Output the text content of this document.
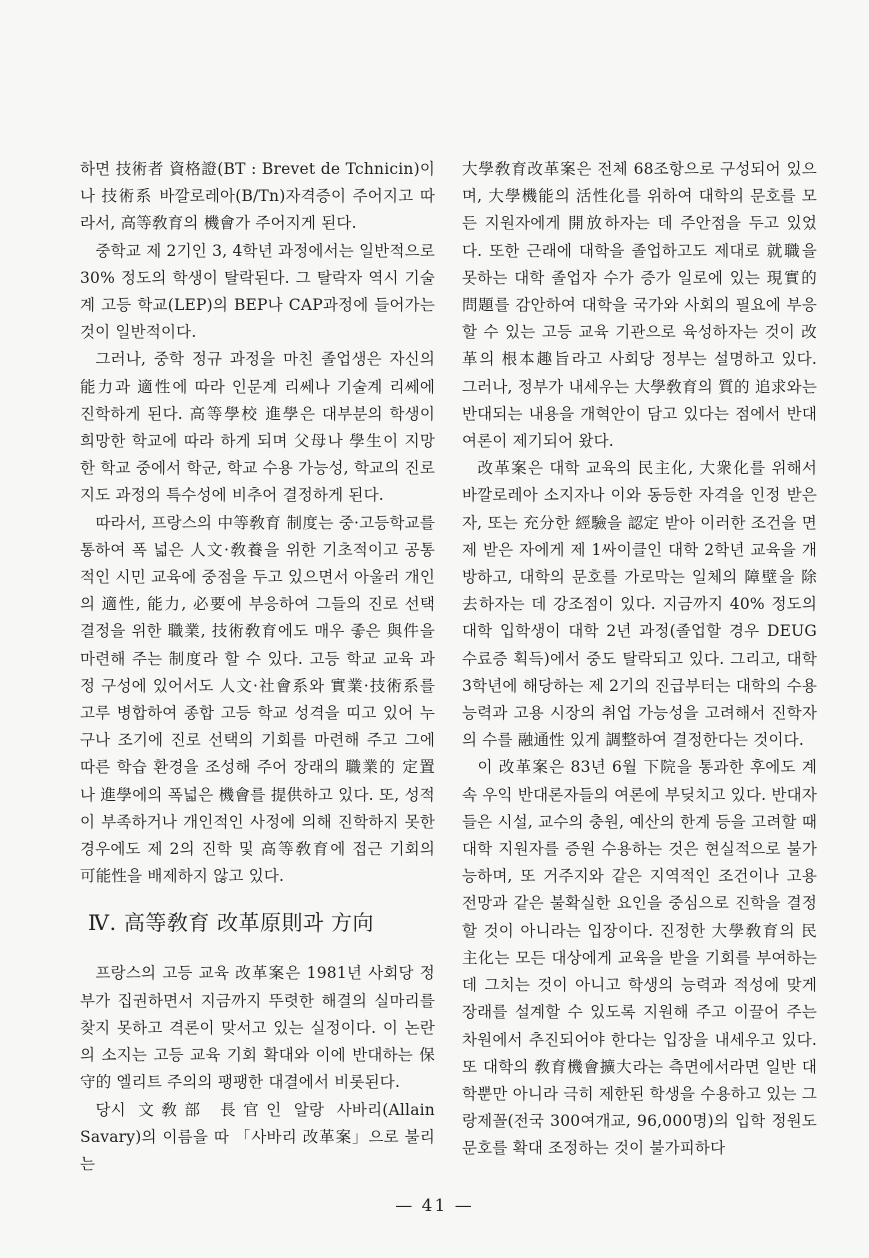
하면 技術者 資格證(BT : Brevet de Tchnicin)이나 技術系 바깔로레아(B/Tn)자격증이 주어지고 따라서, 高等敎育의 機會가 주어지게 된다.

중학교 제 2기인 3, 4학년 과정에서는 일반적으로 30% 정도의 학생이 탈락된다. 그 탈락자 역시 기술계 고등 학교(LEP)의 BEP나 CAP과정에 들어가는 것이 일반적이다.

그러나, 중학 정규 과정을 마친 졸업생은 자신의 能力과 適性에 따라 인문계 리쎄나 기술계 리쎄에 진학하게 된다. 高等學校 進學은 대부분의 학생이 희망한 학교에 따라 하게 되며 父母나 學生이 지망한 학교 중에서 학군, 학교 수용 가능성, 학교의 진로 지도 과정의 특수성에 비추어 결정하게 된다.

따라서, 프랑스의 中等敎育 制度는 중·고등학교를 통하여 폭 넓은 人文·敎養을 위한 기초적이고 공통적인 시민 교육에 중점을 두고 있으면서 아울러 개인의 適性, 能力, 必要에 부응하여 그들의 진로 선택 결정을 위한 職業, 技術敎育에도 매우 좋은 與件을 마련해 주는 制度라 할 수 있다. 고등 학교 교육 과정 구성에 있어서도 人文·社會系와 實業·技術系를 고루 병합하여 종합 고등 학교 성격을 띠고 있어 누구나 조기에 진로 선택의 기회를 마련해 주고 그에 따른 학습 환경을 조성해 주어 장래의 職業的 定置나 進學에의 폭넓은 機會를 提供하고 있다. 또, 성적이 부족하거나 개인적인 사정에 의해 진학하지 못한 경우에도 제 2의 진학 및 高等敎育에 접근 기회의 可能性을 배제하지 않고 있다.

Ⅳ. 高等敎育 改革原則과 方向

프랑스의 고등 교육 改革案은 1981년 사회당 정부가 집권하면서 지금까지 뚜렷한 해결의 실마리를 찾지 못하고 격론이 맞서고 있는 실정이다. 이 논란의 소지는 고등 교육 기회 확대와 이에 반대하는 保守的 엘리트 주의의 팽팽한 대결에서 비롯된다.

당시 文敎部 長官인 알랑 사바리(Allain Savary)의 이름을 따 「사바리 改革案」으로 불리는

大學敎育改革案은 전체 68조항으로 구성되어 있으며, 大學機能의 活性化를 위하여 대학의 문호를 모든 지원자에게 開放하자는 데 주안점을 두고 있었다. 또한 근래에 대학을 졸업하고도 제대로 就職을 못하는 대학 졸업자 수가 증가 일로에 있는 現實的 問題를 감안하여 대학을 국가와 사회의 필요에 부응할 수 있는 고등 교육 기관으로 육성하자는 것이 改革의 根本趣旨라고 사회당 정부는 설명하고 있다. 그러나, 정부가 내세우는 大學敎育의 質的 追求와는 반대되는 내용을 개혁안이 담고 있다는 점에서 반대 여론이 제기되어 왔다.

改革案은 대학 교육의 民主化, 大衆化를 위해서 바깔로레아 소지자나 이와 동등한 자격을 인정 받은 자, 또는 充分한 經驗을 認定 받아 이러한 조건을 면제 받은 자에게 제 1싸이클인 대학 2학년 교육을 개방하고, 대학의 문호를 가로막는 일체의 障壁을 除去하자는 데 강조점이 있다. 지금까지 40% 정도의 대학 입학생이 대학 2년 과정(졸업할 경우 DEUG 수료증 획득)에서 중도 탈락되고 있다. 그리고, 대학 3학년에 해당하는 제 2기의 진급부터는 대학의 수용 능력과 고용 시장의 취업 가능성을 고려해서 진학자의 수를 融通性 있게 調整하여 결정한다는 것이다.

이 改革案은 83년 6월 下院을 통과한 후에도 계속 우익 반대론자들의 여론에 부딪치고 있다. 반대자들은 시설, 교수의 충원, 예산의 한계 등을 고려할 때 대학 지원자를 증원 수용하는 것은 현실적으로 불가능하며, 또 거주지와 같은 지역적인 조건이나 고용 전망과 같은 불확실한 요인을 중심으로 진학을 결정할 것이 아니라는 입장이다. 진정한 大學敎育의 民主化는 모든 대상에게 교육을 받을 기회를 부여하는 데 그치는 것이 아니고 학생의 능력과 적성에 맞게 장래를 설계할 수 있도록 지원해 주고 이끌어 주는 차원에서 추진되어야 한다는 입장을 내세우고 있다. 또 대학의 敎育機會擴大라는 측면에서라면 일반 대학뿐만 아니라 극히 제한된 학생을 수용하고 있는 그랑제꼴(전국 300여개교, 96,000명)의 입학 정원도 문호를 확대 조정하는 것이 불가피하다

— 41 —
